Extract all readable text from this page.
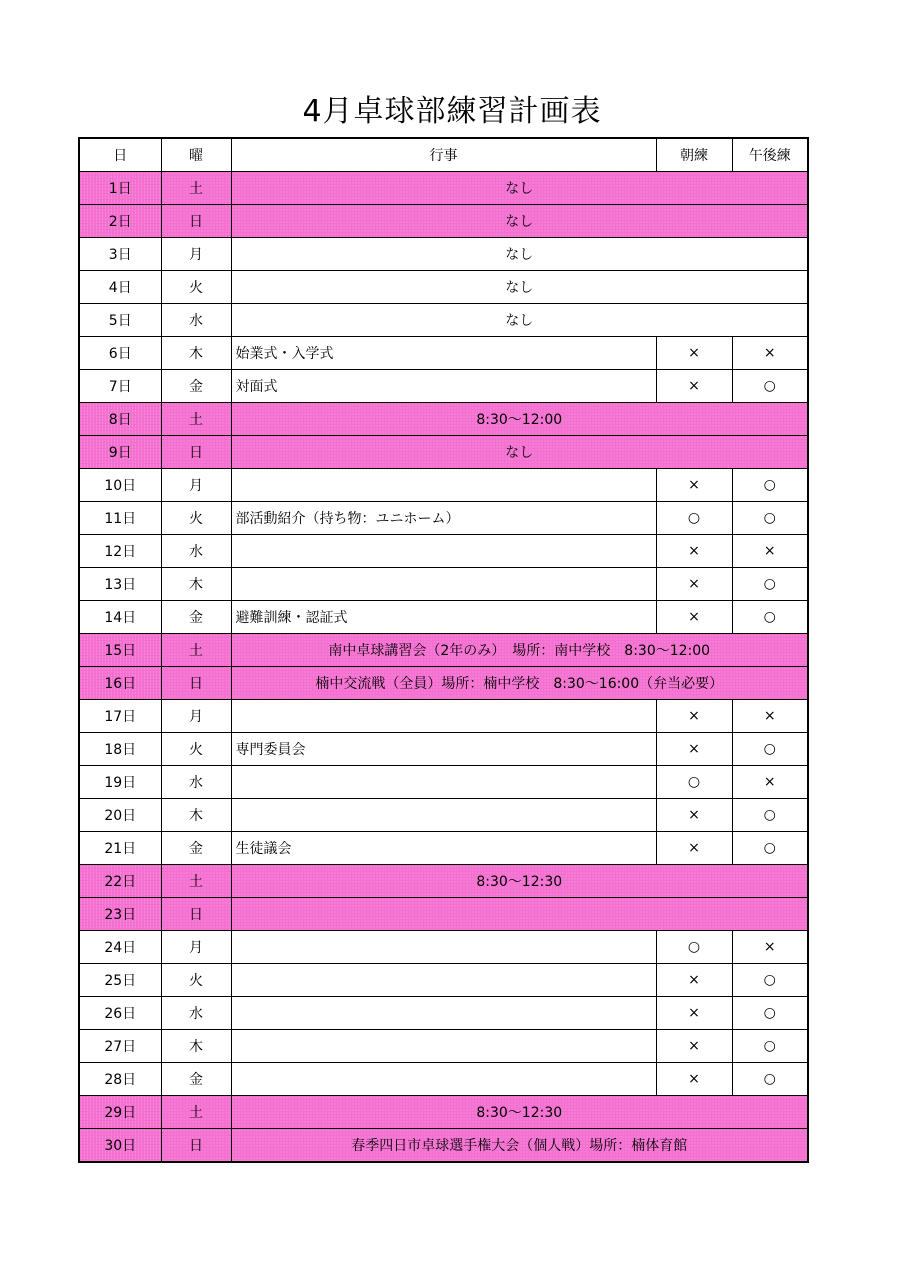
4月卓球部練習計画表
日	曜	行事	朝練	午後練
1日	土	なし		
2日	日	なし		
3日	月	なし		
4日	火	なし		
5日	水	なし		
6日	木	始業式・入学式	×	×
7日	金	対面式	×	○
8日	土	8:30～12:00		
9日	日	なし		
10日	月		×	○
11日	火	部活動紹介（持ち物：ユニホーム）	○	○
12日	水		×	×
13日	木		×	○
14日	金	避難訓練・認証式	×	○
15日	土	南中卓球講習会（2年のみ）　場所：南中学校　8:30～12:00		
16日	日	楠中交流戦（全員）場所：楠中学校　8:30～16:00（弁当必要）		
17日	月		×	×
18日	火	専門委員会	×	○
19日	水		○	×
20日	木		×	○
21日	金	生徒議会	×	○
22日	土	8:30～12:30		
23日	日			
24日	月		○	×
25日	火		×	○
26日	水		×	○
27日	木		×	○
28日	金		×	○
29日	土	8:30～12:30		
30日	日	春季四日市卓球選手権大会（個人戦）場所：楠体育館		
